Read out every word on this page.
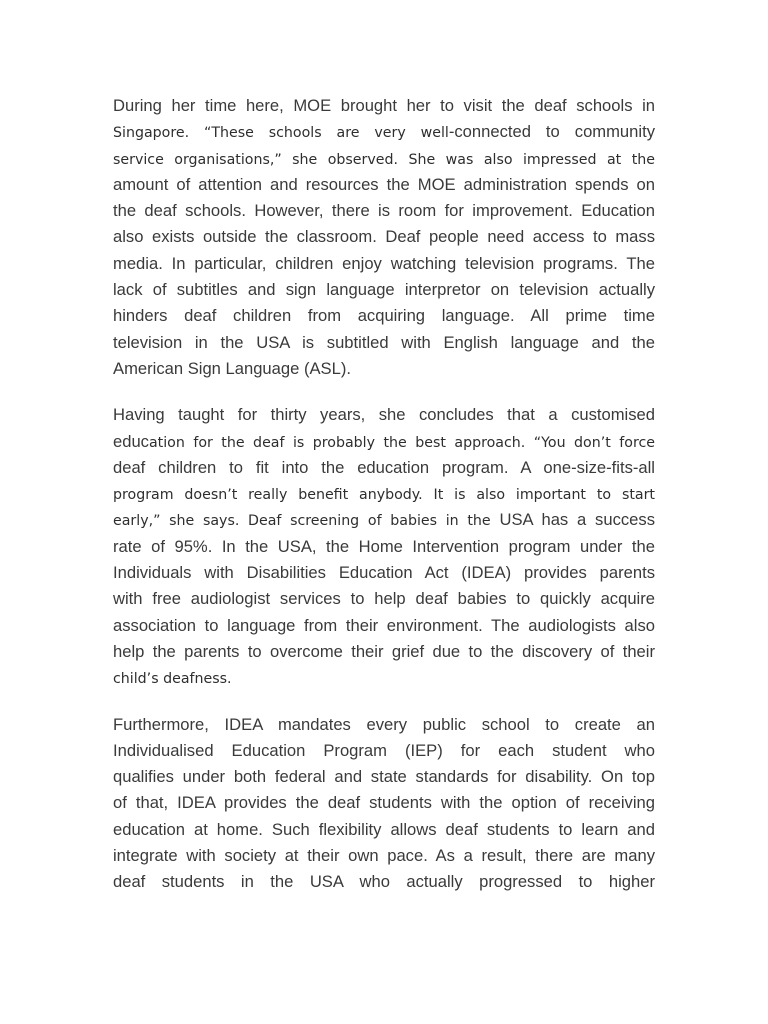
During her time here, MOE brought her to visit the deaf schools in
Singapore. “These schools are very well-connected to community
service organisations,” she observed. She was also impressed at the
amount of attention and resources the MOE administration spends on
the deaf schools. However, there is room for improvement. Education
also exists outside the classroom. Deaf people need access to mass
media. In particular, children enjoy watching television programs. The
lack of subtitles and sign language interpretor on television actually
hinders deaf children from acquiring language. All prime time
television in the USA is subtitled with English language and the
American Sign Language (ASL).
Having taught for thirty years, she concludes that a customised
education for the deaf is probably the best approach. “You don’t force
deaf children to fit into the education program. A one-size-fits-all
program doesn’t really benefit anybody. It is also important to start
early,” she says. Deaf screening of babies in the USA has a success
rate of 95%. In the USA, the Home Intervention program under the
Individuals with Disabilities Education Act (IDEA) provides parents
with free audiologist services to help deaf babies to quickly acquire
association to language from their environment. The audiologists also
help the parents to overcome their grief due to the discovery of their
child’s deafness.
Furthermore, IDEA mandates every public school to create an
Individualised Education Program (IEP) for each student who
qualifies under both federal and state standards for disability. On top
of that, IDEA provides the deaf students with the option of receiving
education at home. Such flexibility allows deaf students to learn and
integrate with society at their own pace. As a result, there are many
deaf students in the USA who actually progressed to higher
